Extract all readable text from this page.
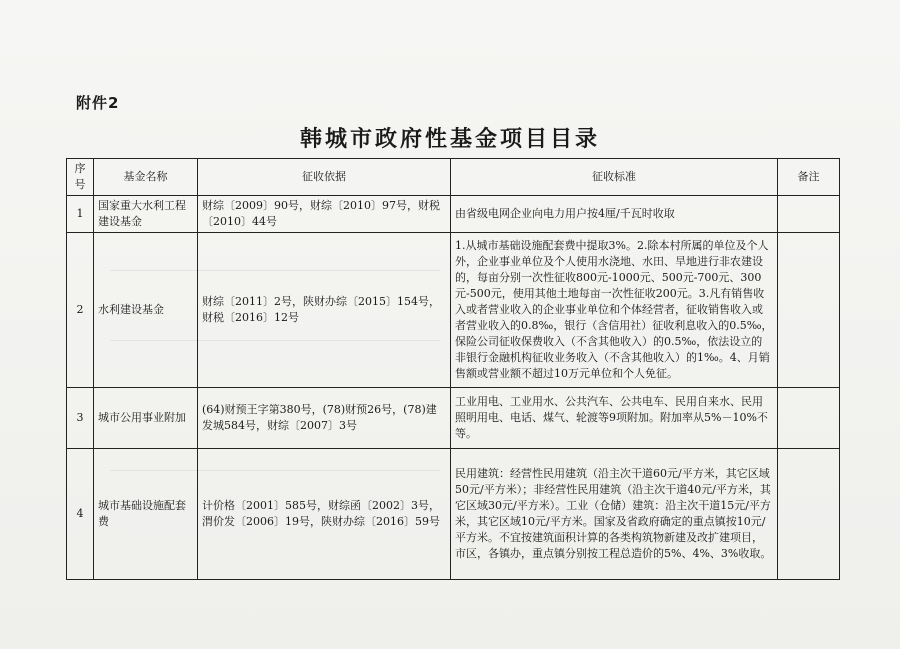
附件2
韩城市政府性基金项目目录
序号	基金名称	征收依据	征收标准	备注
1	国家重大水利工程建设基金	财综〔2009〕90号，财综〔2010〕97号，财税〔2010〕44号	由省级电网企业向电力用户按4厘/千瓦时收取	
2	水利建设基金	财综〔2011〕2号，陕财办综〔2015〕154号，财税〔2016〕12号	1.从城市基础设施配套费中提取3%。2.除本村所属的单位及个人外，企业事业单位及个人使用水浇地、水田、旱地进行非农建设的，每亩分别一次性征收800元-1000元、500元-700元、300元-500元，使用其他土地每亩一次性征收200元。3.凡有销售收入或者营业收入的企业事业单位和个体经营者，征收销售收入或者营业收入的0.8‰，银行（含信用社）征收利息收入的0.5‰，保险公司征收保费收入（不含其他收入）的0.5‰，依法设立的非银行金融机构征收业务收入（不含其他收入）的1‰。4、月销售额或营业额不超过10万元单位和个人免征。	
3	城市公用事业附加	(64)财预王字第380号，(78)财预26号，(78)建发城584号，财综〔2007〕3号	工业用电、工业用水、公共汽车、公共电车、民用自来水、民用照明用电、电话、煤气、轮渡等9项附加。附加率从5%－10%不等。	
4	城市基础设施配套费	计价格〔2001〕585号，财综函〔2002〕3号，渭价发〔2006〕19号，陕财办综〔2016〕59号	民用建筑：经营性民用建筑（沿主次干道60元/平方米，其它区域50元/平方米）；非经营性民用建筑（沿主次干道40元/平方米，其它区域30元/平方米）。工业（仓储）建筑：沿主次干道15元/平方米，其它区域10元/平方米。国家及省政府确定的重点镇按10元/平方米。不宜按建筑面积计算的各类构筑物新建及改扩建项目，市区，各镇办，重点镇分别按工程总造价的5%、4%、3%收取。	
